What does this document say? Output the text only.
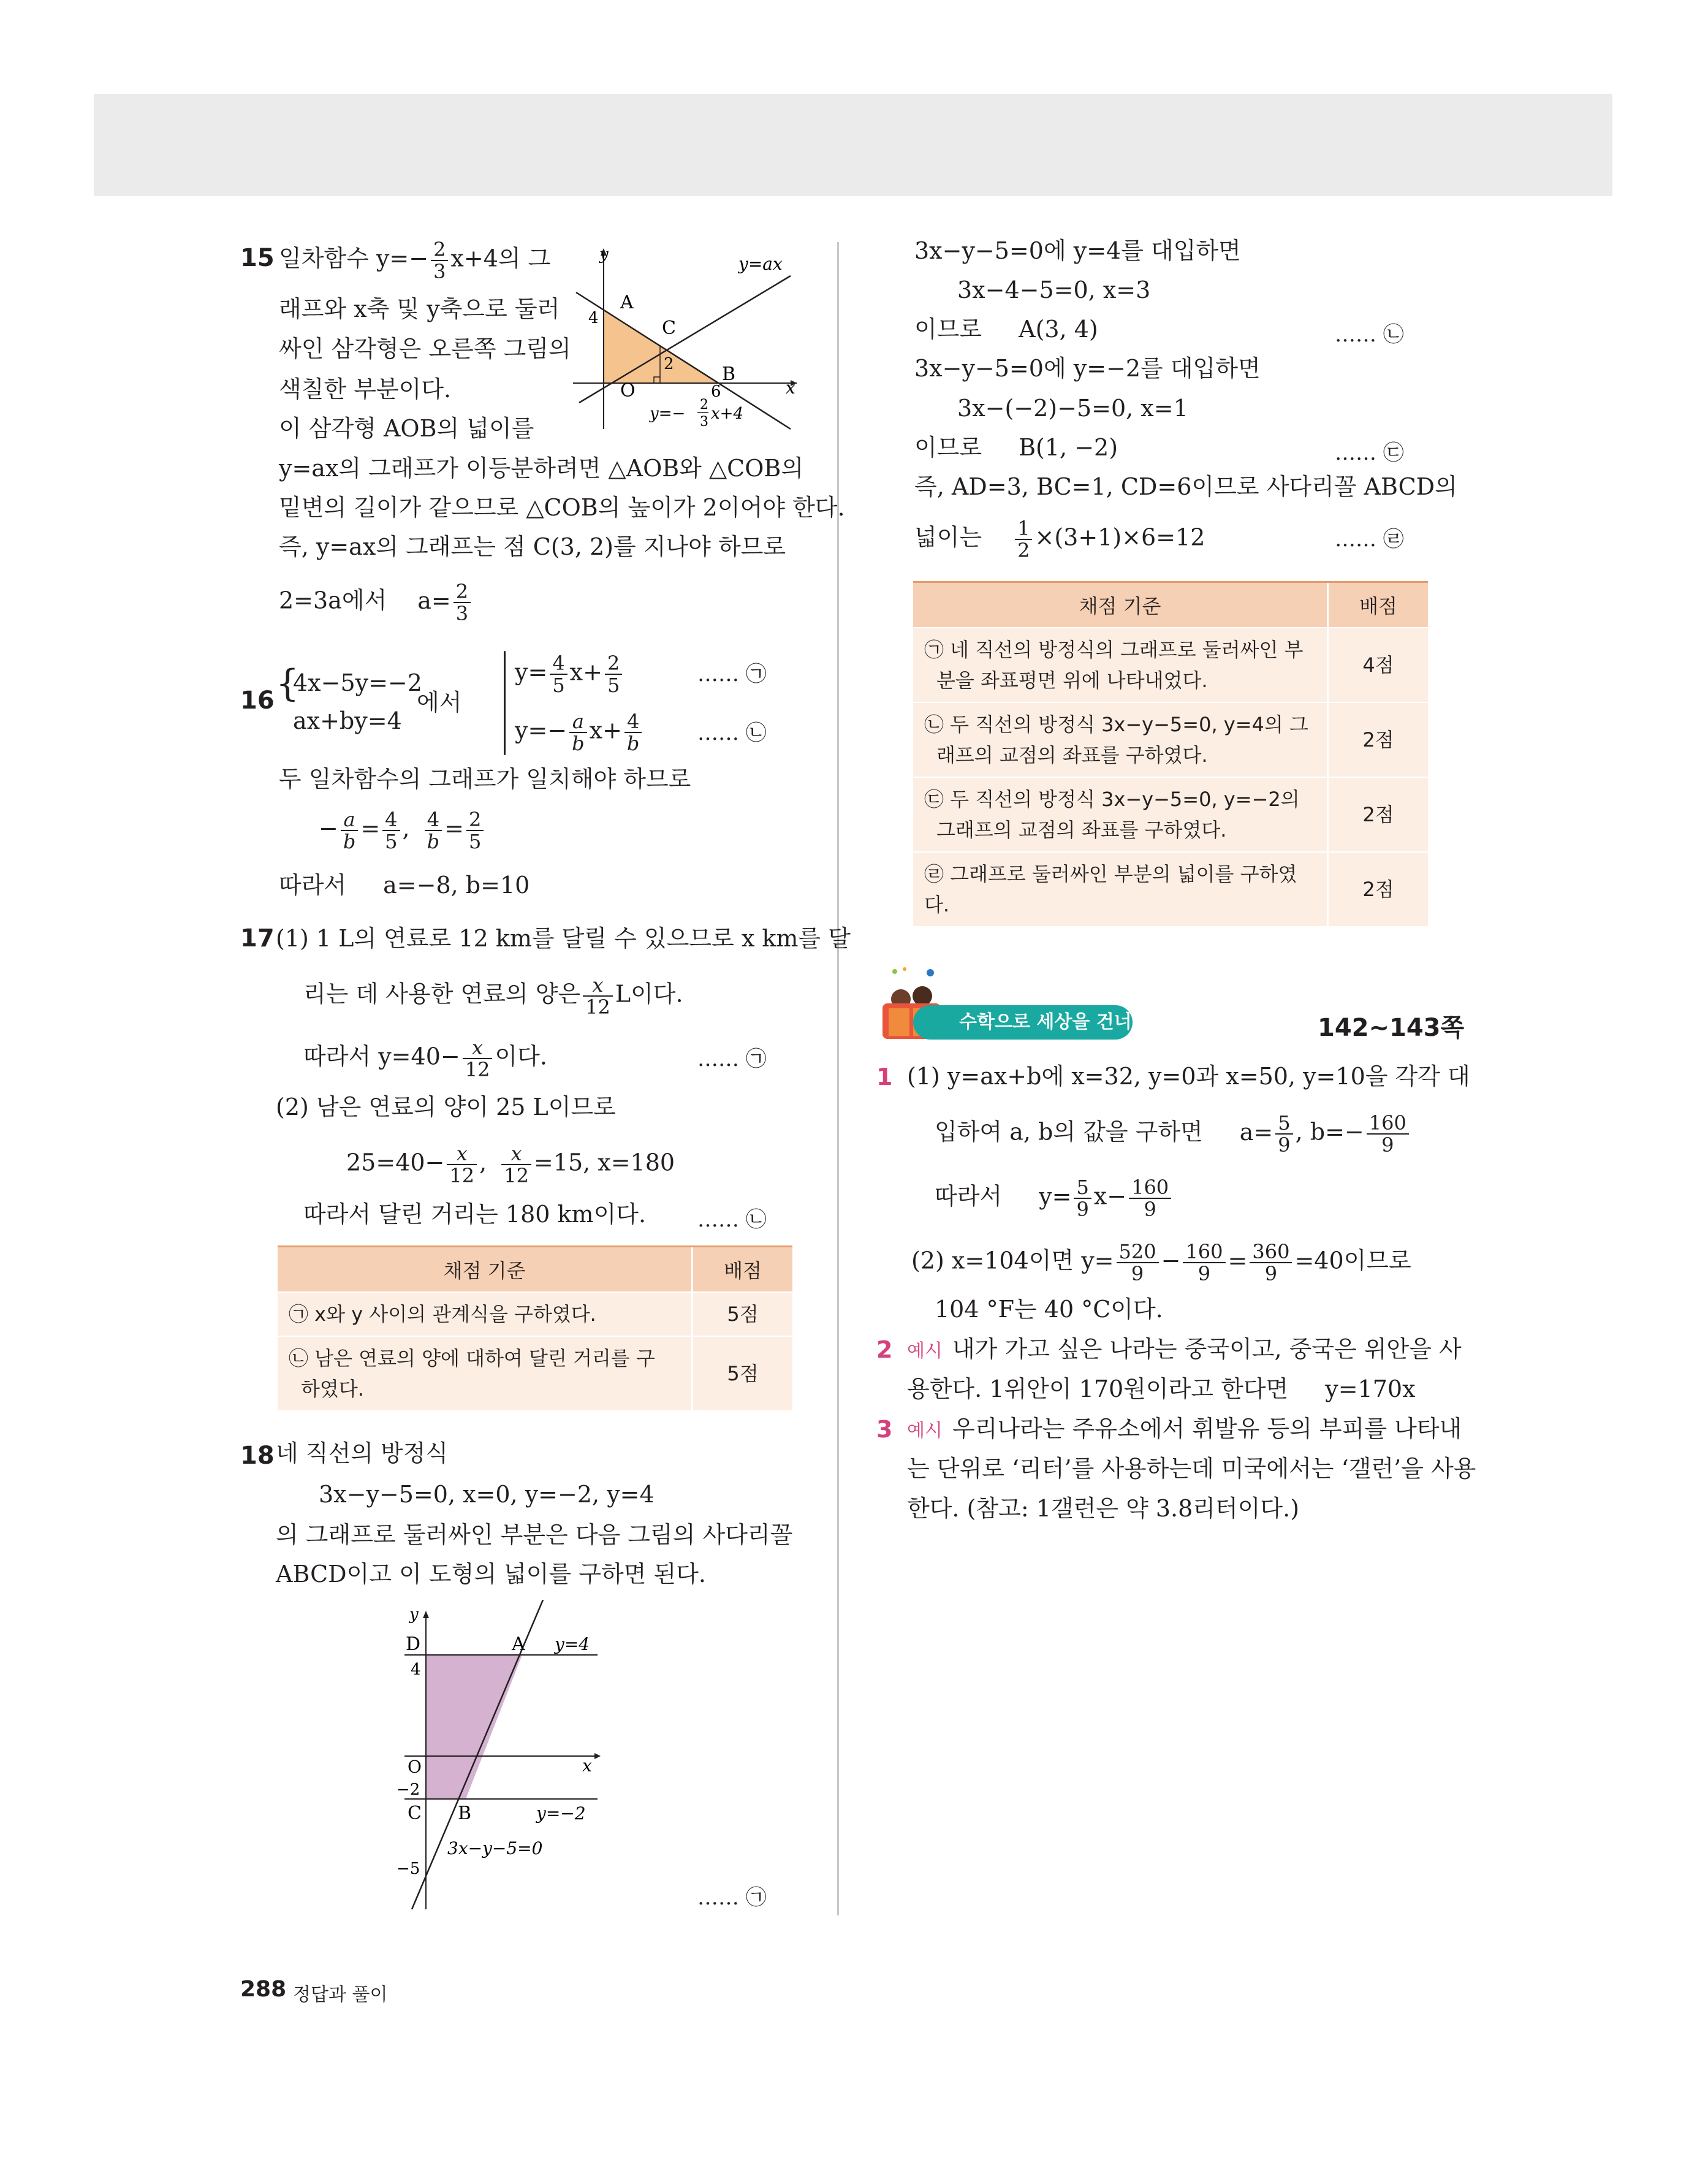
15 일차함수 $y=- \frac{2}{3} x+4$의 그
래프와 x축 및 y축으로 둘러
싸인 삼각형은 오른쪽 그림의
색칠한 부분이다.
이 삼각형 AOB의 넓이를
y=ax의 그래프가 이등분하려면 △AOB와 △COB의
밑변의 길이가 같으므로 △COB의 높이가 2이어야 한다.
즉, y=ax의 그래프는 점 C(3, 2)를 지나야 하므로
2=3a에서 $a= \frac{2}{3}$
y
x
y=ax
A
C
B
O
4
2
6
y=− 2
3 x+4
16 {
4x−5y=−2
ax+by=4
에서
$y= \frac{4}{5} x+ \frac{2}{5}$	…… ㉠
$y=- \frac{a}{b} x+ \frac{4}{b}$	…… ㉡
두 일차함수의 그래프가 일치해야 하므로
− $\frac{a}{b} = \frac{4}{5}$ , $\frac{4}{b} = \frac{2}{5}$
따라서 a=−8, b=10
17 (1) 1 L의 연료로 12 km를 달릴 수 있으므로 x km를 달
리는 데 사용한 연료의 양은 $\frac{x}{12}$ L이다.
따라서 $y=40- \frac{x}{12}$ 이다.	…… ㉠
(2) 남은 연료의 양이 25 L이므로
$25=40- \frac{x}{12}$ , $\frac{x}{12} =15$, x=180
따라서 달린 거리는 180 km이다. …… ㉡
채점 기준	배점
㉠ x와 y 사이의 관계식을 구하였다.	5점

㉡ 남은 연료의 양에 대하여 달린 거리를 구
하였다.	5점
18 네 직선의 방정식
3x−y−5=0, x=0, y=−2, y=4
의 그래프로 둘러싸인 부분은 다음 그림의 사다리꼴
ABCD이고 이 도형의 넓이를 구하면 된다.
y
x
D	A y=4
4
O
−2
C B	y=−2
3x−y−5=0
−5
…… ㉠
3x−y−5=0에 y=4를 대입하면
3x−4−5=0, x=3
이므로 A(3, 4)	…… ㉡
3x−y−5=0에 y=−2를 대입하면
3x−(−2)−5=0, x=1
이므로 B(1, −2)	…… ㉢
즉, AD=3, BC=1, CD=6이므로 사다리꼴 ABCD의
넓이는 $\frac{1}{2} \times(3+1)\times 6=12$	…… ㉣
채점 기준	배점

㉠ 네 직선의 방정식의 그래프로 둘러싸인 부
분을 좌표평면 위에 나타내었다.	4점

㉡ 두 직선의 방정식 3x−y−5=0, y=4의 그
래프의 교점의 좌표를 구하였다.	2점

㉢ 두 직선의 방정식 3x−y−5=0, y=−2의
그래프의 교점의 좌표를 구하였다.	2점
㉣ 그래프로 둘러싸인 부분의 넓이를 구하였다.	2점
수학으로 세상을 건너다
142~143쪽
1 (1) y=ax+b에 x=32, y=0과 x=50, y=10을 각각 대
입하여 a, b의 값을 구하면 $a= \frac{5}{9}$ , $b=- \frac{160}{9}$
따라서 $y= \frac{5}{9} x- \frac{160}{9}$
(2) x=104이면 $y= \frac{520}{9} - \frac{160}{9} = \frac{360}{9} =40$이므로
104 °F는 40 °C이다.
2 예시 내가 가고 싶은 나라는 중국이고, 중국은 위안을 사
용한다. 1위안이 170원이라고 한다면 y=170x
3 예시 우리나라는 주유소에서 휘발유 등의 부피를 나타내
는 단위로 ‘리터’를 사용하는데 미국에서는 ‘갤런’을 사용
한다. (참고: 1갤런은 약 3.8리터이다.)
288 정답과 풀이
